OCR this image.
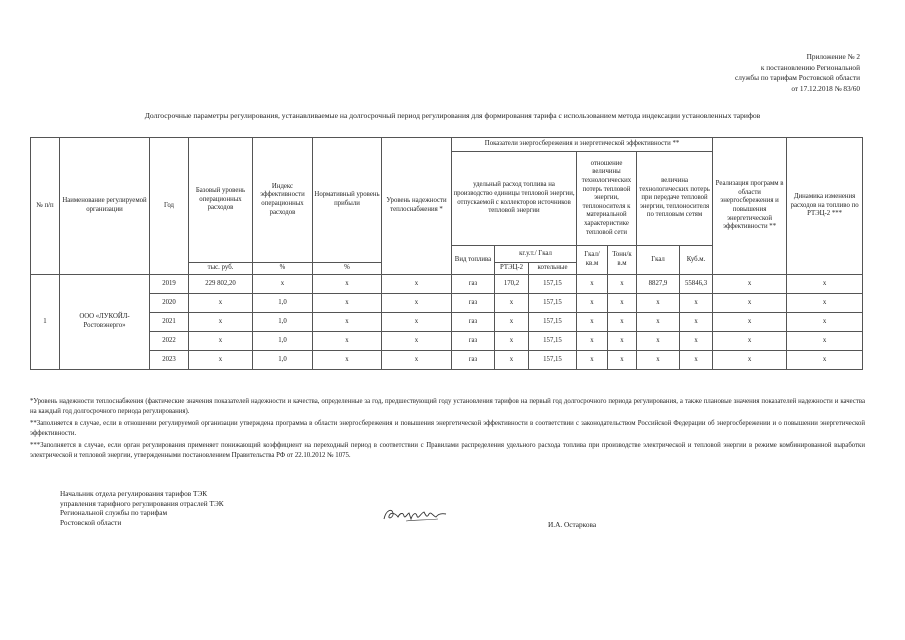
Приложение № 2
к постановлению Региональной
службы по тарифам Ростовской области
от 17.12.2018 № 83/60
Долгосрочные параметры регулирования, устанавливаемые на долгосрочный период регулирования для формирования тарифа с использованием метода индексации установленных тарифов
№ п/п	Наименование регулируемой организации	Год	Базовый уровень операционных расходов	Индекс эффективности операционных расходов	Нормативный уровень прибыли	Уровень надежности теплоснабжения *	Показатели энергосбережения и энергетической эффективности **							Реализация программ в области энергосбережения и повышения энергетической эффективности **	Динамика изменения расходов на топливо по РТЭЦ-2 ***
							удельный расход топлива на производство единицы тепловой энергии, отпускаемой с коллекторов источников тепловой энергии			отношение величины технологических потерь тепловой энергии, теплоносителя к материальной характеристике тепловой сети		величина технологических потерь при передаче тепловой энергии, теплоносителя по тепловым сетям			
							Вид топлива	кг.у.т./ Гкал		Гкал/ кв.м	Тонн/к в.м	Гкал	Куб.м.		
			тыс. руб.	%	%			РТЭЦ-2	котельные						
1	ООО «ЛУКОЙЛ-Ростовэнерго»	2019	229 802,20	х	х	х	газ	170,2	157,15	х	х	8827,9	55846,3	х	х
		2020	х	1,0	х	х	газ	х	157,15	х	х	х	х	х	х
		2021	х	1,0	х	х	газ	х	157,15	х	х	х	х	х	х
		2022	х	1,0	х	х	газ	х	157,15	х	х	х	х	х	х
		2023	х	1,0	х	х	газ	х	157,15	х	х	х	х	х	х

*Уровень надежности теплоснабжения (фактические значения показателей надежности и качества, определенные за год, предшествующий году установления тарифов на первый год долгосрочного периода регулирования, а также плановые значения показателей надежности и качества на каждый год долгосрочного периода регулирования).

**Заполняется в случае, если в отношении регулируемой организации утверждена программа в области энергосбережения и повышения энергетической эффективности в соответствии с законодательством Российской Федерации об энергосбережении и о повышении энергетической эффективности.

***Заполняется в случае, если орган регулирования применяет понижающий коэффициент на переходный период в соответствии с Правилами распределения удельного расхода топлива при производстве электрической и тепловой энергии в режиме комбинированной выработки электрической и тепловой энергии, утвержденными постановлением Правительства РФ от 22.10.2012 № 1075.

Начальник отдела регулирования тарифов ТЭК
управления тарифного регулирования отраслей ТЭК
Региональной службы по тарифам
Ростовской области	И.А. Остаркова
